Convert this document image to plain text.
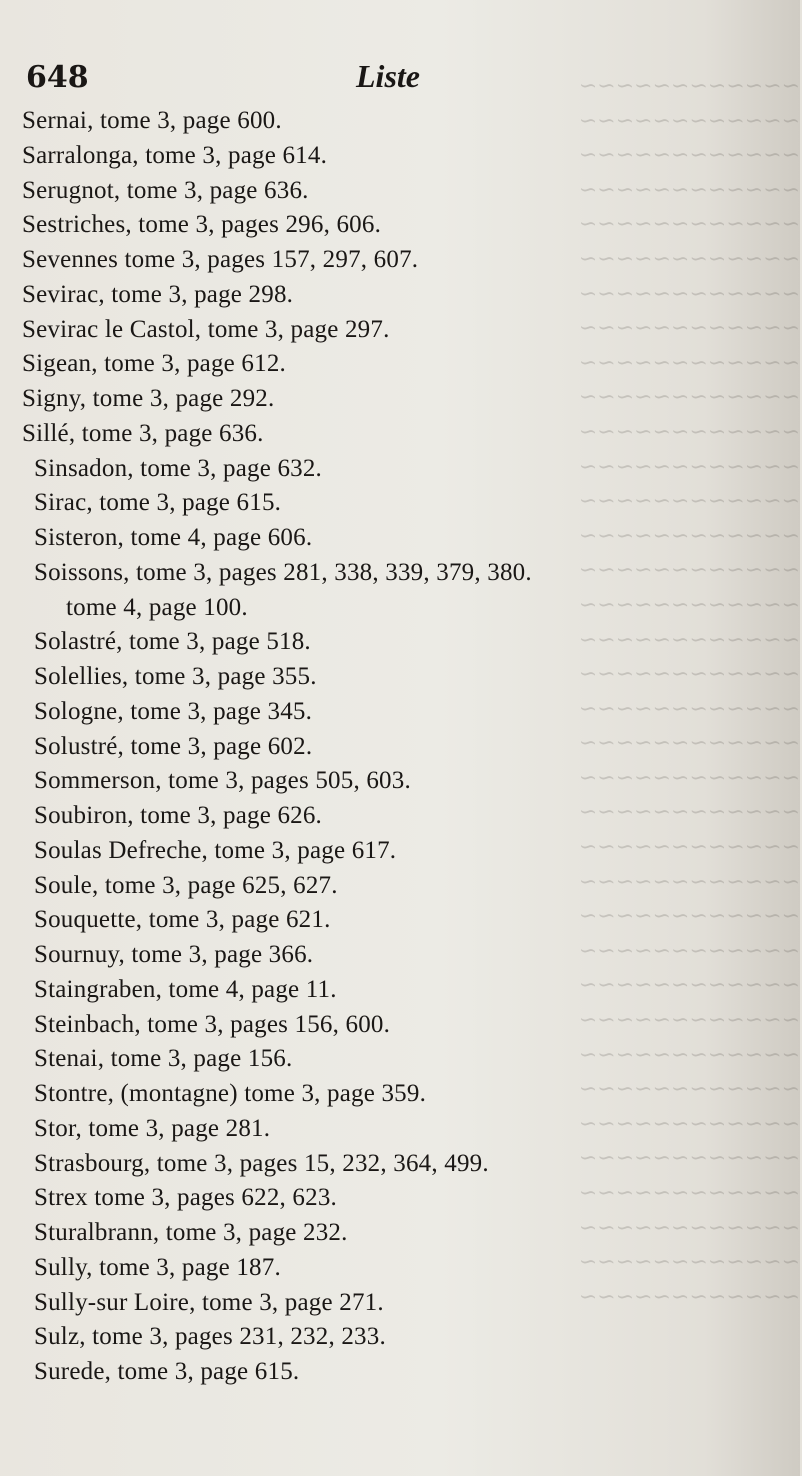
~~~~~~~~~~~~
~~~~~~~~~~~~
~~~~~~~~~~~~
~~~~~~~~~~~~
~~~~~~~~~~~~
~~~~~~~~~~~~
~~~~~~~~~~~~
~~~~~~~~~~~~
~~~~~~~~~~~~
~~~~~~~~~~~~
~~~~~~~~~~~~
~~~~~~~~~~~~
~~~~~~~~~~~~
~~~~~~~~~~~~
~~~~~~~~~~~~
~~~~~~~~~~~~
~~~~~~~~~~~~
~~~~~~~~~~~~
~~~~~~~~~~~~
~~~~~~~~~~~~
~~~~~~~~~~~~
~~~~~~~~~~~~
~~~~~~~~~~~~
~~~~~~~~~~~~
~~~~~~~~~~~~
~~~~~~~~~~~~
~~~~~~~~~~~~
~~~~~~~~~~~~
~~~~~~~~~~~~
~~~~~~~~~~~~
~~~~~~~~~~~~
~~~~~~~~~~~~
~~~~~~~~~~~~
~~~~~~~~~~~~
~~~~~~~~~~~~
~~~~~~~~~~~~
648	Liste
Sernai, tome 3, page 600.
Sarralonga, tome 3, page 614.
Serugnot, tome 3, page 636.
Sestriches, tome 3, pages 296, 606.
Sevennes tome 3, pages 157, 297, 607.
Sevirac, tome 3, page 298.
Sevirac le Castol, tome 3, page 297.
Sigean, tome 3, page 612.
Signy, tome 3, page 292.
Sillé, tome 3, page 636.
Sinsadon, tome 3, page 632.
Sirac, tome 3, page 615.
Sisteron, tome 4, page 606.
Soissons, tome 3, pages 281, 338, 339, 379, 380.
tome 4, page 100.
Solastré, tome 3, page 518.
Solellies, tome 3, page 355.
Sologne, tome 3, page 345.
Solustré, tome 3, page 602.
Sommerson, tome 3, pages 505, 603.
Soubiron, tome 3, page 626.
Soulas Defreche, tome 3, page 617.
Soule, tome 3, page 625, 627.
Souquette, tome 3, page 621.
Sournuy, tome 3, page 366.
Staingraben, tome 4, page 11.
Steinbach, tome 3, pages 156, 600.
Stenai, tome 3, page 156.
Stontre, (montagne) tome 3, page 359.
Stor, tome 3, page 281.
Strasbourg, tome 3, pages 15, 232, 364, 499.
Strex tome 3, pages 622, 623.
Sturalbrann, tome 3, page 232.
Sully, tome 3, page 187.
Sully-sur Loire, tome 3, page 271.
Sulz, tome 3, pages 231, 232, 233.
Surede, tome 3, page 615.
